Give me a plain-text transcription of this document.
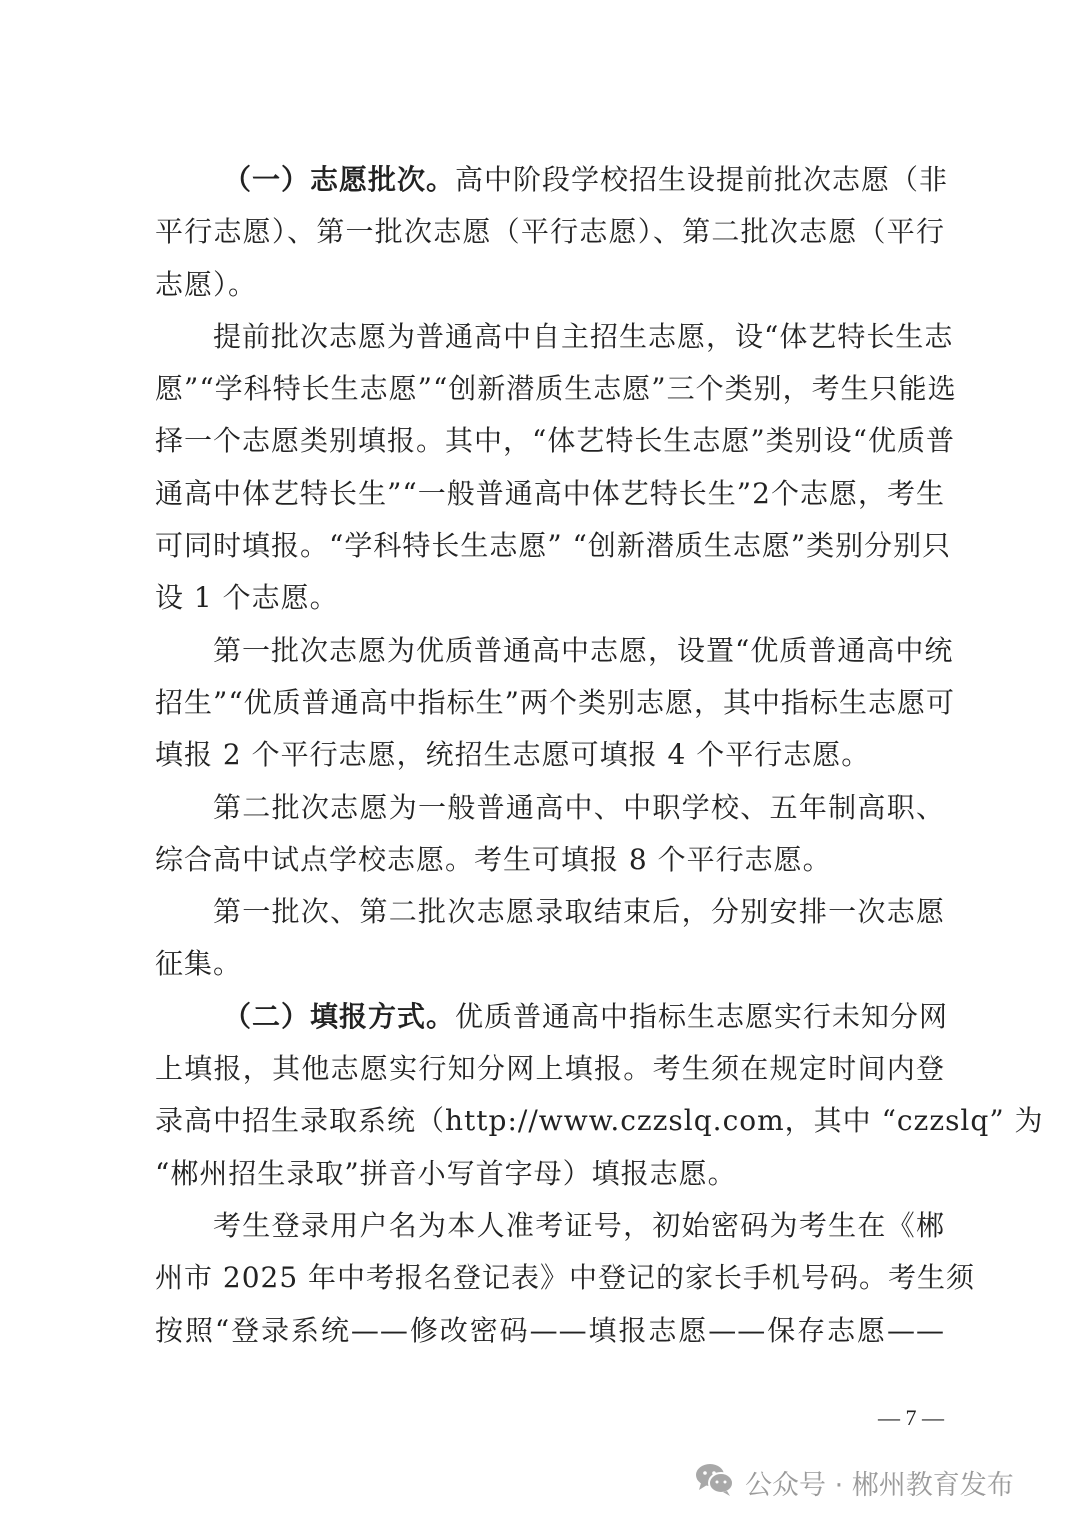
（一）志愿批次。高中阶段学校招生设提前批次志愿（非
平行志愿）、第一批次志愿（平行志愿）、第二批次志愿（平行
志愿）。
提前批次志愿为普通高中自主招生志愿，设“体艺特长生志
愿”“学科特长生志愿”“创新潜质生志愿”三个类别，考生只能选
择一个志愿类别填报。其中，“体艺特长生志愿”类别设“优质普
通高中体艺特长生”“一般普通高中体艺特长生”2个志愿，考生
可同时填报。“学科特长生志愿” “创新潜质生志愿”类别分别只
设 1 个志愿。
第一批次志愿为优质普通高中志愿，设置“优质普通高中统
招生”“优质普通高中指标生”两个类别志愿，其中指标生志愿可
填报 2 个平行志愿，统招生志愿可填报 4 个平行志愿。
第二批次志愿为一般普通高中、中职学校、五年制高职、
综合高中试点学校志愿。考生可填报 8 个平行志愿。
第一批次、第二批次志愿录取结束后，分别安排一次志愿
征集。
（二）填报方式。优质普通高中指标生志愿实行未知分网
上填报，其他志愿实行知分网上填报。考生须在规定时间内登
录高中招生录取系统（http://www.czzslq.com，其中 “czzslq” 为
“郴州招生录取”拼音小写首字母）填报志愿。
考生登录用户名为本人准考证号，初始密码为考生在《郴
州市 2025 年中考报名登记表》中登记的家长手机号码。考生须
按照“登录系统——修改密码——填报志愿——保存志愿——
— 7 —
公众号 · 郴州教育发布
